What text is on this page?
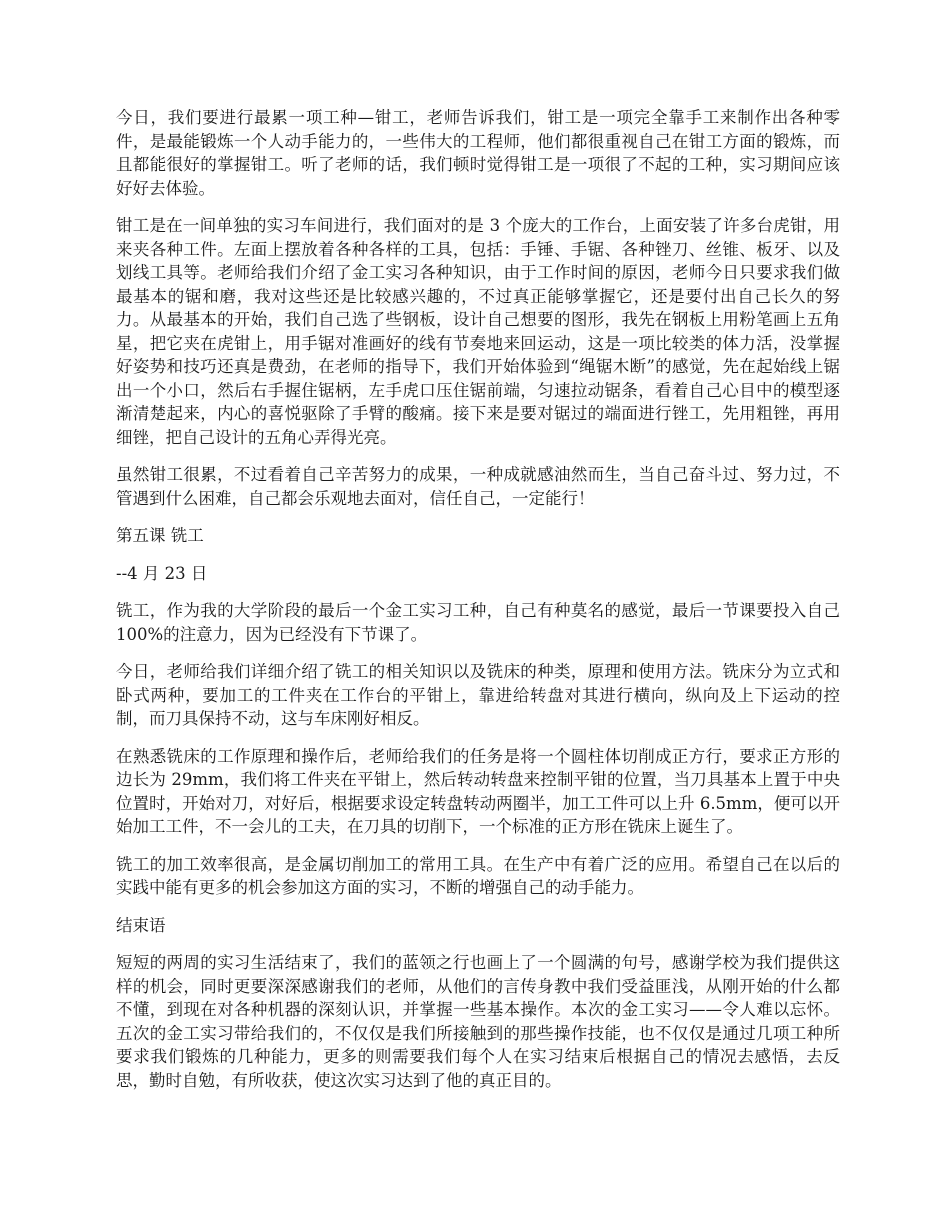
今日，我们要进行最累一项工种—钳工，老师告诉我们，钳工是一项完全靠手工来制作出各种零件，是最能锻炼一个人动手能力的，一些伟大的工程师，他们都很重视自己在钳工方面的锻炼，而且都能很好的掌握钳工。听了老师的话，我们顿时觉得钳工是一项很了不起的工种，实习期间应该好好去体验。

钳工是在一间单独的实习车间进行，我们面对的是 3 个庞大的工作台，上面安装了许多台虎钳，用来夹各种工件。左面上摆放着各种各样的工具，包括：手锤、手锯、各种锉刀、丝锥、板牙、以及划线工具等。老师给我们介绍了金工实习各种知识，由于工作时间的原因，老师今日只要求我们做最基本的锯和磨，我对这些还是比较感兴趣的，不过真正能够掌握它，还是要付出自己长久的努力。从最基本的开始，我们自己选了些钢板，设计自己想要的图形，我先在钢板上用粉笔画上五角星，把它夹在虎钳上，用手锯对准画好的线有节奏地来回运动，这是一项比较类的体力活，没掌握好姿势和技巧还真是费劲，在老师的指导下，我们开始体验到“绳锯木断”的感觉，先在起始线上锯出一个小口，然后右手握住锯柄，左手虎口压住锯前端，匀速拉动锯条，看着自己心目中的模型逐渐清楚起来，内心的喜悦驱除了手臂的酸痛。接下来是要对锯过的端面进行锉工，先用粗锉，再用细锉，把自己设计的五角心弄得光亮。

虽然钳工很累，不过看着自己辛苦努力的成果，一种成就感油然而生，当自己奋斗过、努力过，不管遇到什么困难，自己都会乐观地去面对，信任自己，一定能行！

第五课 铣工

--4 月 23 日

铣工，作为我的大学阶段的最后一个金工实习工种，自己有种莫名的感觉，最后一节课要投入自己 100%的注意力，因为已经没有下节课了。

今日，老师给我们详细介绍了铣工的相关知识以及铣床的种类，原理和使用方法。铣床分为立式和卧式两种，要加工的工件夹在工作台的平钳上，靠进给转盘对其进行横向，纵向及上下运动的控制，而刀具保持不动，这与车床刚好相反。

在熟悉铣床的工作原理和操作后，老师给我们的任务是将一个圆柱体切削成正方行，要求正方形的边长为 29mm，我们将工件夹在平钳上，然后转动转盘来控制平钳的位置，当刀具基本上置于中央位置时，开始对刀，对好后，根据要求设定转盘转动两圈半，加工工件可以上升 6.5mm，便可以开始加工工件，不一会儿的工夫，在刀具的切削下，一个标准的正方形在铣床上诞生了。

铣工的加工效率很高，是金属切削加工的常用工具。在生产中有着广泛的应用。希望自己在以后的实践中能有更多的机会参加这方面的实习，不断的增强自己的动手能力。

结束语

短短的两周的实习生活结束了，我们的蓝领之行也画上了一个圆满的句号，感谢学校为我们提供这样的机会，同时更要深深感谢我们的老师，从他们的言传身教中我们受益匪浅，从刚开始的什么都不懂，到现在对各种机器的深刻认识，并掌握一些基本操作。本次的金工实习——令人难以忘怀。五次的金工实习带给我们的，不仅仅是我们所接触到的那些操作技能，也不仅仅是通过几项工种所要求我们锻炼的几种能力，更多的则需要我们每个人在实习结束后根据自己的情况去感悟，去反思，勤时自勉，有所收获，使这次实习达到了他的真正目的。
